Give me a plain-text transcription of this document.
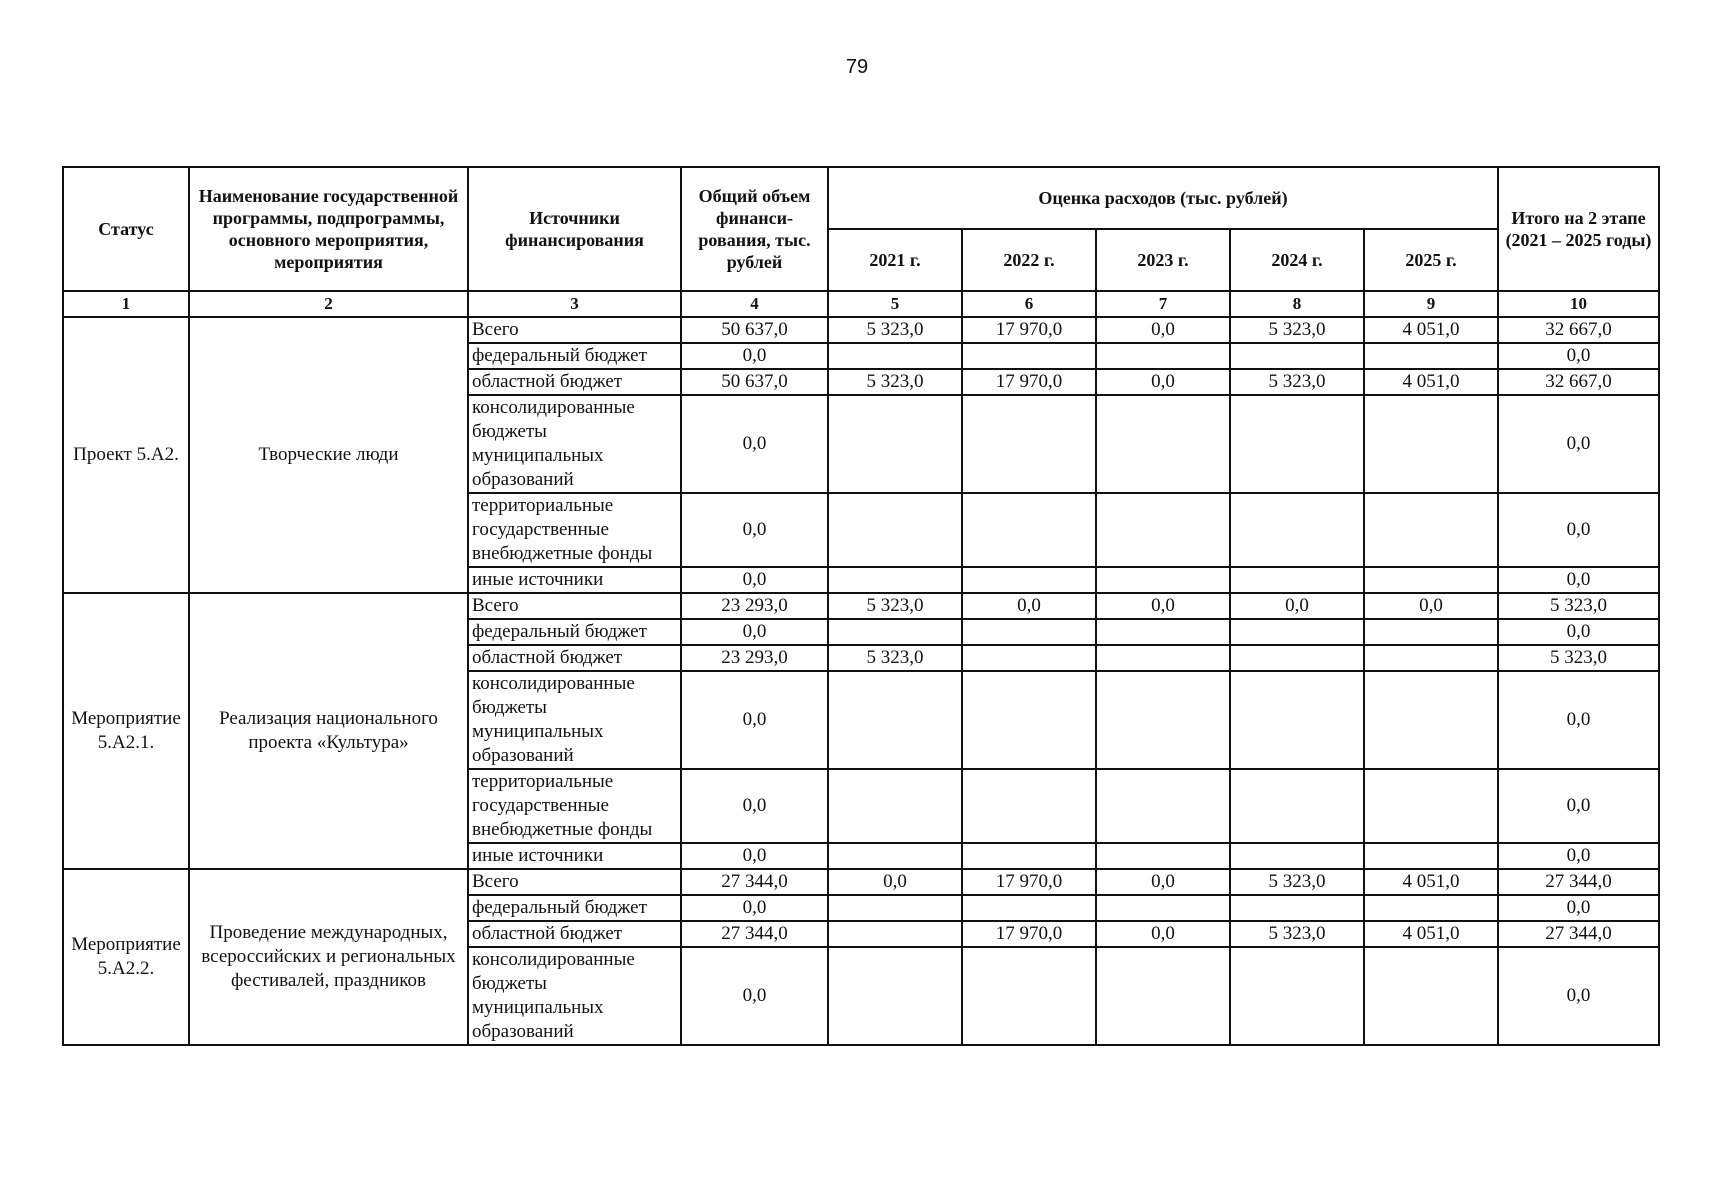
79
Статус	Наименование государственной программы, подпрограммы, основного мероприятия, мероприятия	Источники финансирования	Общий объем финанси-рования, тыс. рублей	Оценка расходов (тыс. рублей)					Итого на 2 этапе (2021 – 2025 годы)
				2021 г.	2022 г.	2023 г.	2024 г.	2025 г.	
1	2	3	4	5	6	7	8	9	10
Проект 5.А2.	Творческие люди	Всего	50 637,0	5 323,0	17 970,0	0,0	5 323,0	4 051,0	32 667,0
		федеральный бюджет	0,0						0,0
		областной бюджет	50 637,0	5 323,0	17 970,0	0,0	5 323,0	4 051,0	32 667,0
		консолидированные бюджеты муниципальных образований	0,0						0,0
		территориальные государственные внебюджетные фонды	0,0						0,0
		иные источники	0,0						0,0
Мероприятие 5.А2.1.	Реализация национального проекта «Культура»	Всего	23 293,0	5 323,0	0,0	0,0	0,0	0,0	5 323,0
		федеральный бюджет	0,0						0,0
		областной бюджет	23 293,0	5 323,0					5 323,0
		консолидированные бюджеты муниципальных образований	0,0						0,0
		территориальные государственные внебюджетные фонды	0,0						0,0
		иные источники	0,0						0,0
Мероприятие 5.А2.2.	Проведение международных, всероссийских и региональных фестивалей, праздников	Всего	27 344,0	0,0	17 970,0	0,0	5 323,0	4 051,0	27 344,0
		федеральный бюджет	0,0						0,0
		областной бюджет	27 344,0		17 970,0	0,0	5 323,0	4 051,0	27 344,0
		консолидированные бюджеты муниципальных образований	0,0						0,0
